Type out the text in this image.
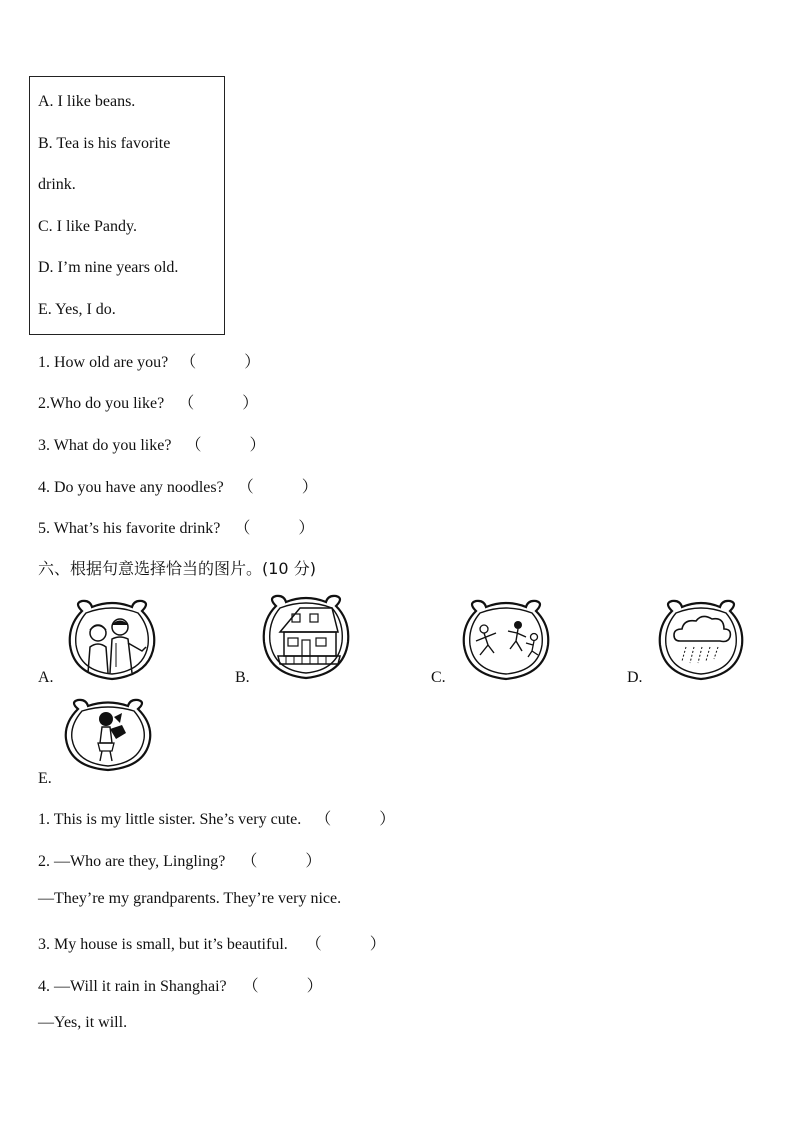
A. I like beans.
B. Tea is his favorite
drink.
C. I like Pandy.
D. I’m nine years old.
E. Yes, I do.
1. How old are you? （　　　）
2.Who do you like? （　　　）
3. What do you like? （　　　）
4. Do you have any noodles? （　　　）
5. What’s his favorite drink? （　　　）
六、根据句意选择恰当的图片。(10 分)
A.	B.	C.	D.
E.
1. This is my little sister. She’s very cute. （　　　）
2. —Who are they, Lingling? （　　　）
—They’re my grandparents. They’re very nice.
3. My house is small, but it’s beautiful. （　　　）
4. —Will it rain in Shanghai? （　　　）
—Yes, it will.
